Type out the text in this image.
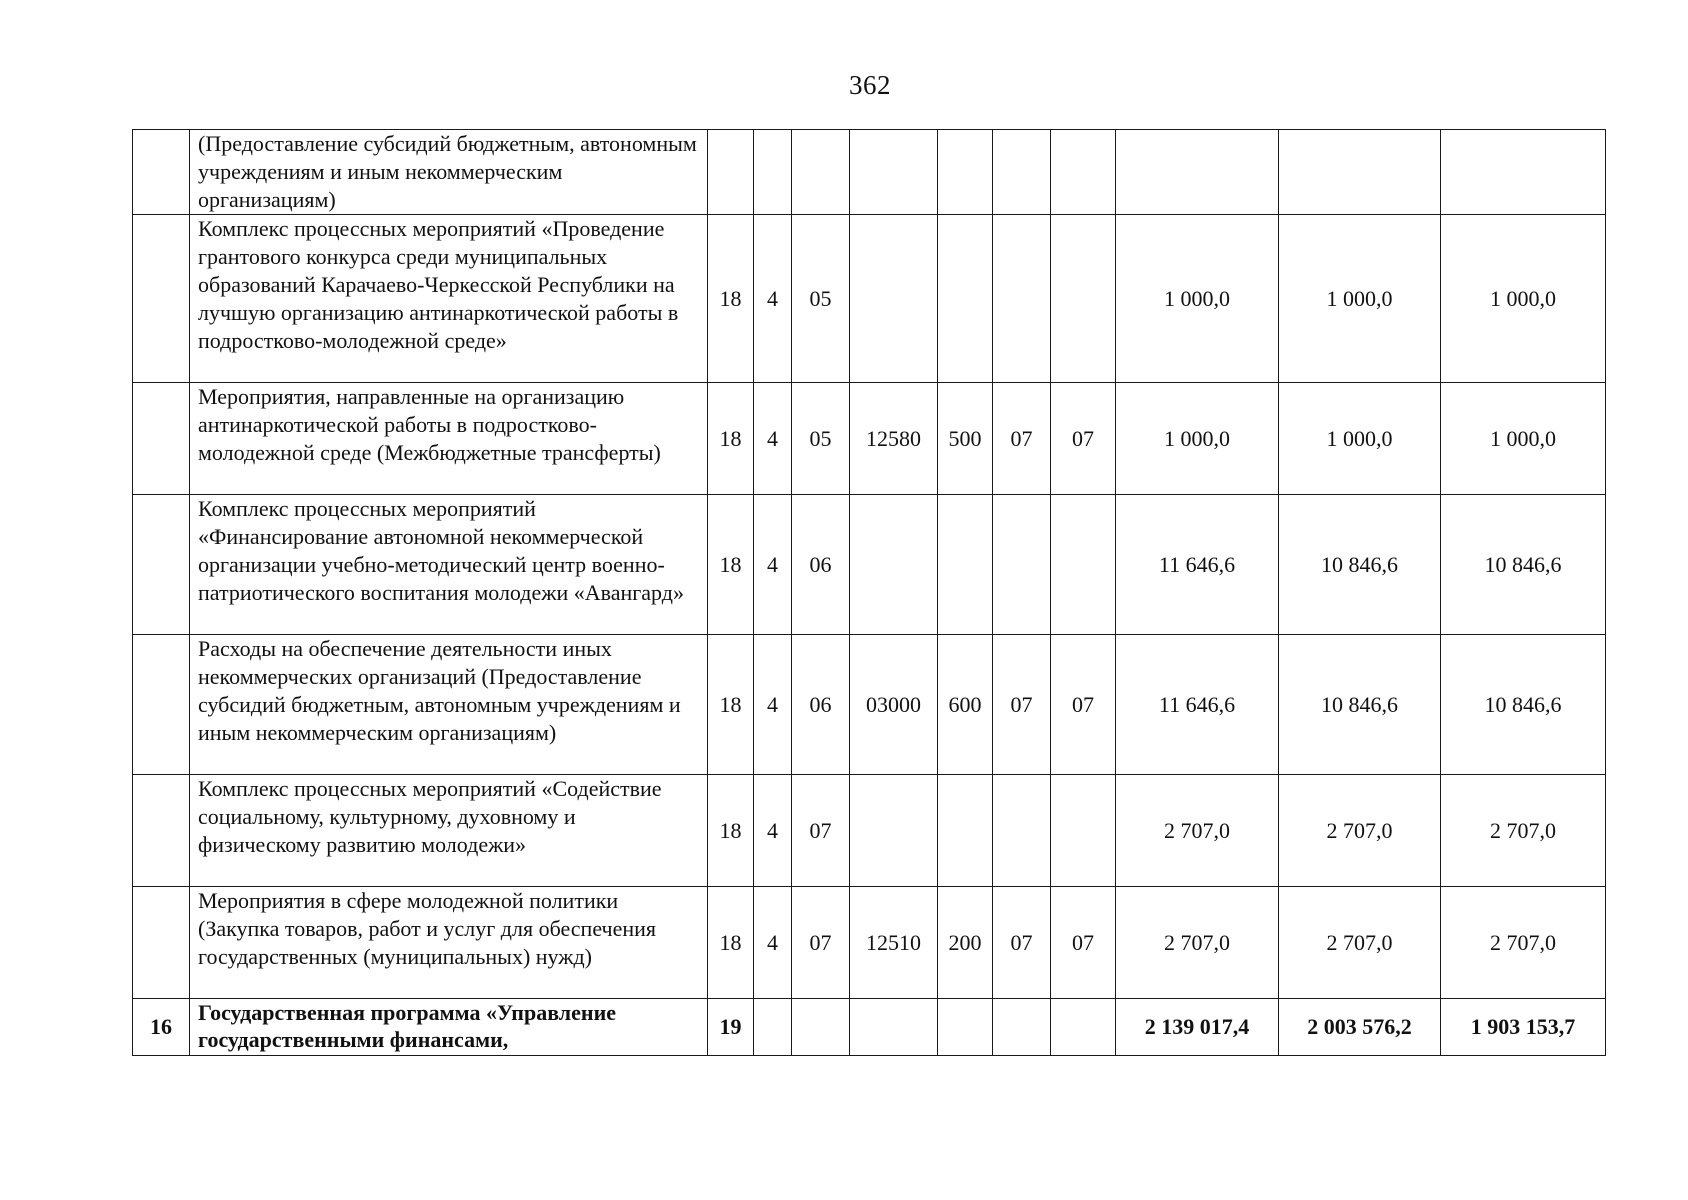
362
	(Предоставление субсидий бюджетным, автономным учреждениям и иным некоммерческим организациям)										
	Комплекс процессных мероприятий «Проведение грантового конкурса среди муниципальных образований Карачаево-Черкесской Республики на лучшую организацию антинаркотической работы в подростково-молодежной среде»	18	4	05					1 000,0	1 000,0	1 000,0
	Мероприятия, направленные на организацию антинаркотической работы в подростково-молодежной среде (Межбюджетные трансферты)	18	4	05	12580	500	07	07	1 000,0	1 000,0	1 000,0
	Комплекс процессных мероприятий «Финансирование автономной некоммерческой организации учебно-методический центр военно-патриотического воспитания молодежи «Авангард»	18	4	06					11 646,6	10 846,6	10 846,6
	Расходы на обеспечение деятельности иных некоммерческих организаций (Предоставление субсидий бюджетным, автономным учреждениям и иным некоммерческим организациям)	18	4	06	03000	600	07	07	11 646,6	10 846,6	10 846,6
	Комплекс процессных мероприятий «Содействие социальному, культурному, духовному и физическому развитию молодежи»	18	4	07					2 707,0	2 707,0	2 707,0
	Мероприятия в сфере молодежной политики (Закупка товаров, работ и услуг для обеспечения государственных (муниципальных) нужд)	18	4	07	12510	200	07	07	2 707,0	2 707,0	2 707,0
16	Государственная программа «Управление государственными финансами,	19							2 139 017,4	2 003 576,2	1 903 153,7
